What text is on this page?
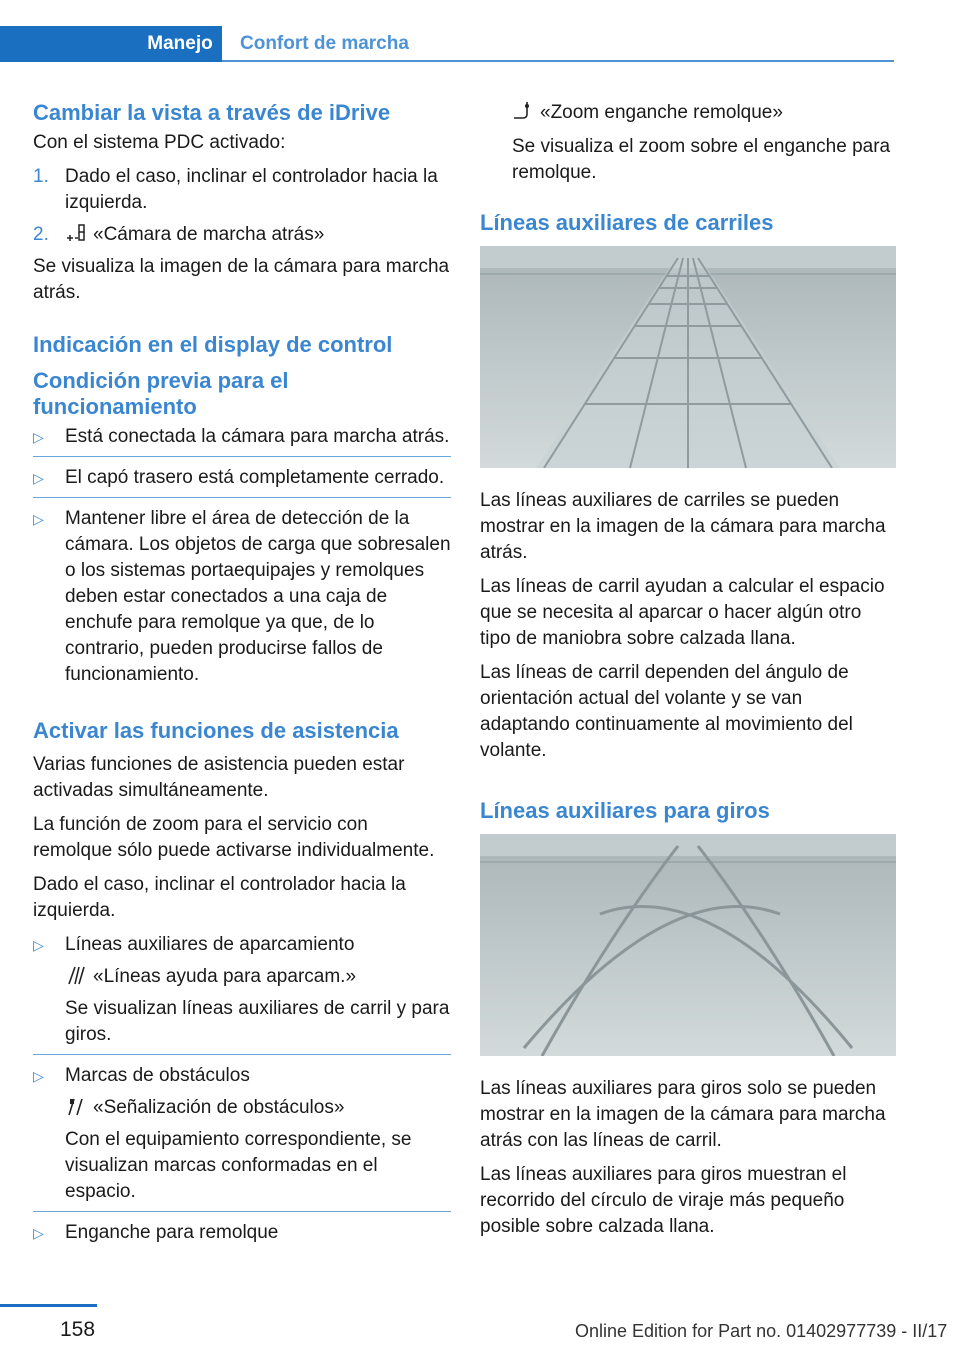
Manejo	Confort de marcha
Cambiar la vista a través de iDrive

Con el sistema PDC activado:

1. Dado el caso, inclinar el controlador hacia la izquierda.
2. «Cámara de marcha atrás»

Se visualiza la imagen de la cámara para marcha atrás.

Indicación en el display de control
Condición previa para el funcionamiento
▷ Está conectada la cámara para marcha atrás.
▷ El capó trasero está completamente cerrado.
▷ Mantener libre el área de detección de la cámara. Los objetos de carga que sobresalen o los sistemas portaequipajes y remolques deben estar conectados a una caja de enchufe para remolque ya que, de lo contrario, pueden producirse fallos de funcionamiento.
Activar las funciones de asistencia

Varias funciones de asistencia pueden estar activadas simultáneamente.

La función de zoom para el servicio con remolque sólo puede activarse individualmente.

Dado el caso, inclinar el controlador hacia la izquierda.

▷ Líneas auxiliares de aparcamiento

«Líneas ayuda para aparcam.»

Se visualizan líneas auxiliares de carril y para giros.

▷ Marcas de obstáculos

«Señalización de obstáculos»

Con el equipamiento correspondiente, se visualizan marcas conformadas en el espacio.

▷ Enganche para remolque

«Zoom enganche remolque»

Se visualiza el zoom sobre el enganche para remolque.

Líneas auxiliares de carriles

Las líneas auxiliares de carriles se pueden mostrar en la imagen de la cámara para marcha atrás.

Las líneas de carril ayudan a calcular el espacio que se necesita al aparcar o hacer algún otro tipo de maniobra sobre calzada llana.

Las líneas de carril dependen del ángulo de orientación actual del volante y se van adaptando continuamente al movimiento del volante.

Líneas auxiliares para giros

Las líneas auxiliares para giros solo se pueden mostrar en la imagen de la cámara para marcha atrás con las líneas de carril.

Las líneas auxiliares para giros muestran el recorrido del círculo de viraje más pequeño posible sobre calzada llana.

158	Online Edition for Part no. 01402977739 - II/17
